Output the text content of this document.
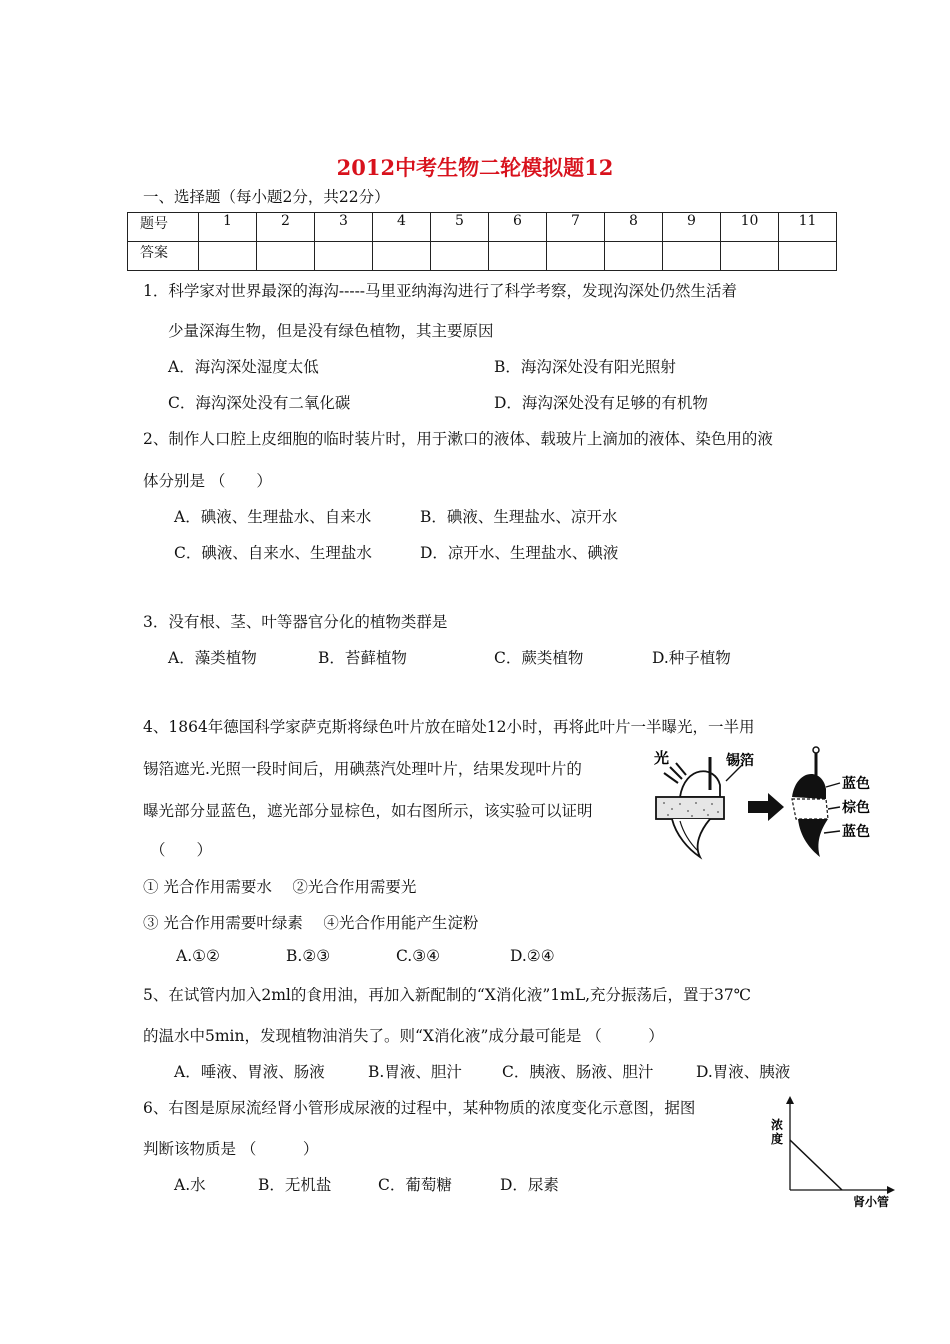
2012中考生物二轮模拟题12
一、选择题（每小题2分，共22分）
题号	1	2	3	4	5	6	7	8	9	10	11
答案											
1．科学家对世界最深的海沟-----马里亚纳海沟进行了科学考察，发现沟深处仍然生活着
少量深海生物，但是没有绿色植物，其主要原因
A．海沟深处湿度太低	B．海沟深处没有阳光照射
C．海沟深处没有二氧化碳	D．海沟深处没有足够的有机物
2、制作人口腔上皮细胞的临时装片时，用于漱口的液体、载玻片上滴加的液体、染色用的液
体分别是 （　　）
A．碘液、生理盐水、自来水	B．碘液、生理盐水、凉开水
C．碘液、自来水、生理盐水	D．凉开水、生理盐水、碘液
3．没有根、茎、叶等器官分化的植物类群是
A．藻类植物	B．苔藓植物	C．蕨类植物	D.种子植物
4、1864年德国科学家萨克斯将绿色叶片放在暗处12小时，再将此叶片一半曝光，一半用
锡箔遮光.光照一段时间后，用碘蒸汽处理叶片，结果发现叶片的
曝光部分显蓝色，遮光部分显棕色，如右图所示，该实验可以证明
（　　）
① 光合作用需要水　 ②光合作用需要光
③ 光合作用需要叶绿素　 ④光合作用能产生淀粉
A.①②	B.②③	C.③④	D.②④
光	锡箔
蓝色
棕色
蓝色
5、在试管内加入2ml的食用油，再加入新配制的“X消化液”1mL,充分振荡后，置于37℃
的温水中5min，发现植物油消失了。则“X消化液”成分最可能是 （　　　）
A．唾液、胃液、肠液	B.胃液、胆汁	C．胰液、肠液、胆汁	D.胃液、胰液
6、右图是原尿流经肾小管形成尿液的过程中，某种物质的浓度变化示意图，据图
判断该物质是 （　　　）
A.水	B．无机盐	C．葡萄糖	D．尿素
浓
度
肾小管
